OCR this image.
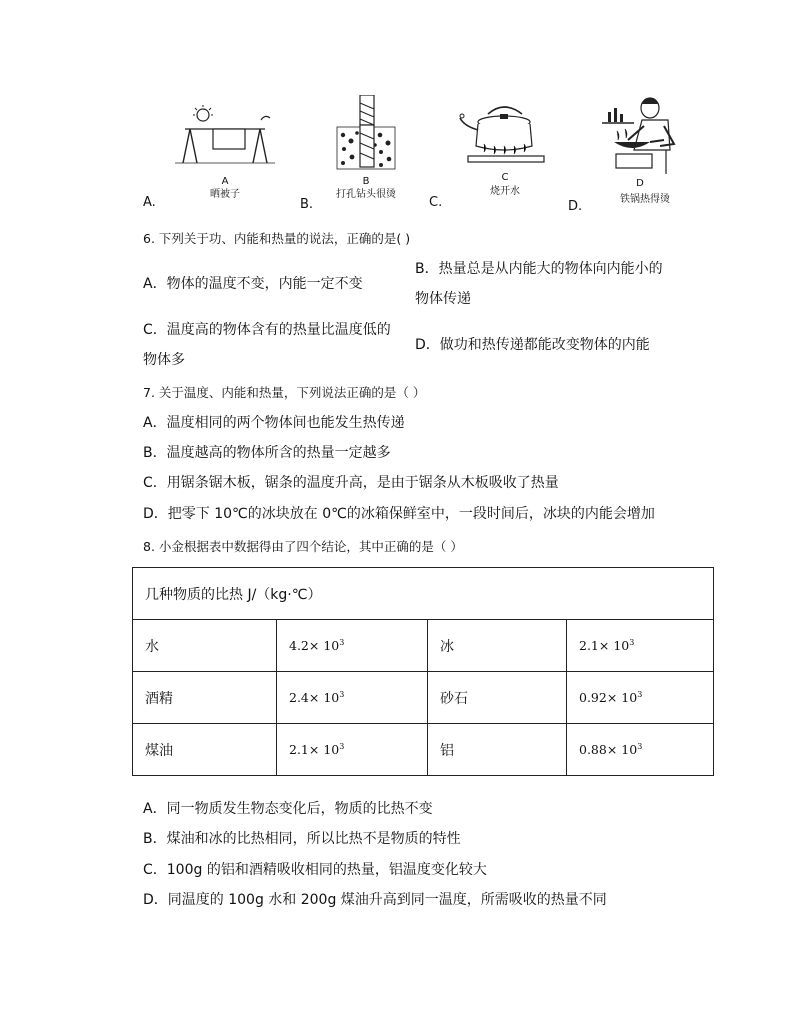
A
晒被子
A.
B
打孔钻头很烫
B.
C
烧开水
C.
D
铁锅热得烫
D.
6. 下列关于功、内能和热量的说法，正确的是( )
A．物体的温度不变，内能一定不变
B．热量总是从内能大的物体向内能小的
物体传递
C．温度高的物体含有的热量比温度低的
物体多
D．做功和热传递都能改变物体的内能
7. 关于温度、内能和热量，下列说法正确的是（ ）
A．温度相同的两个物体间也能发生热传递
B．温度越高的物体所含的热量一定越多
C．用锯条锯木板，锯条的温度升高，是由于锯条从木板吸收了热量
D．把零下 10℃的冰块放在 0℃的冰箱保鲜室中，一段时间后，冰块的内能会增加
8. 小金根据表中数据得由了四个结论，其中正确的是（ ）
几种物质的比热 J/（kg·℃）			
水	$4.2\times 10^3$	冰	$2.1\times 10^3$
酒精	$2.4\times 10^3$	砂石	$0.92\times 10^3$
煤油	$2.1\times 10^3$	铝	$0.88\times 10^3$
A．同一物质发生物态变化后，物质的比热不变
B．煤油和冰的比热相同，所以比热不是物质的特性
C．100g 的铝和酒精吸收相同的热量，铝温度变化较大
D．同温度的 100g 水和 200g 煤油升高到同一温度，所需吸收的热量不同
